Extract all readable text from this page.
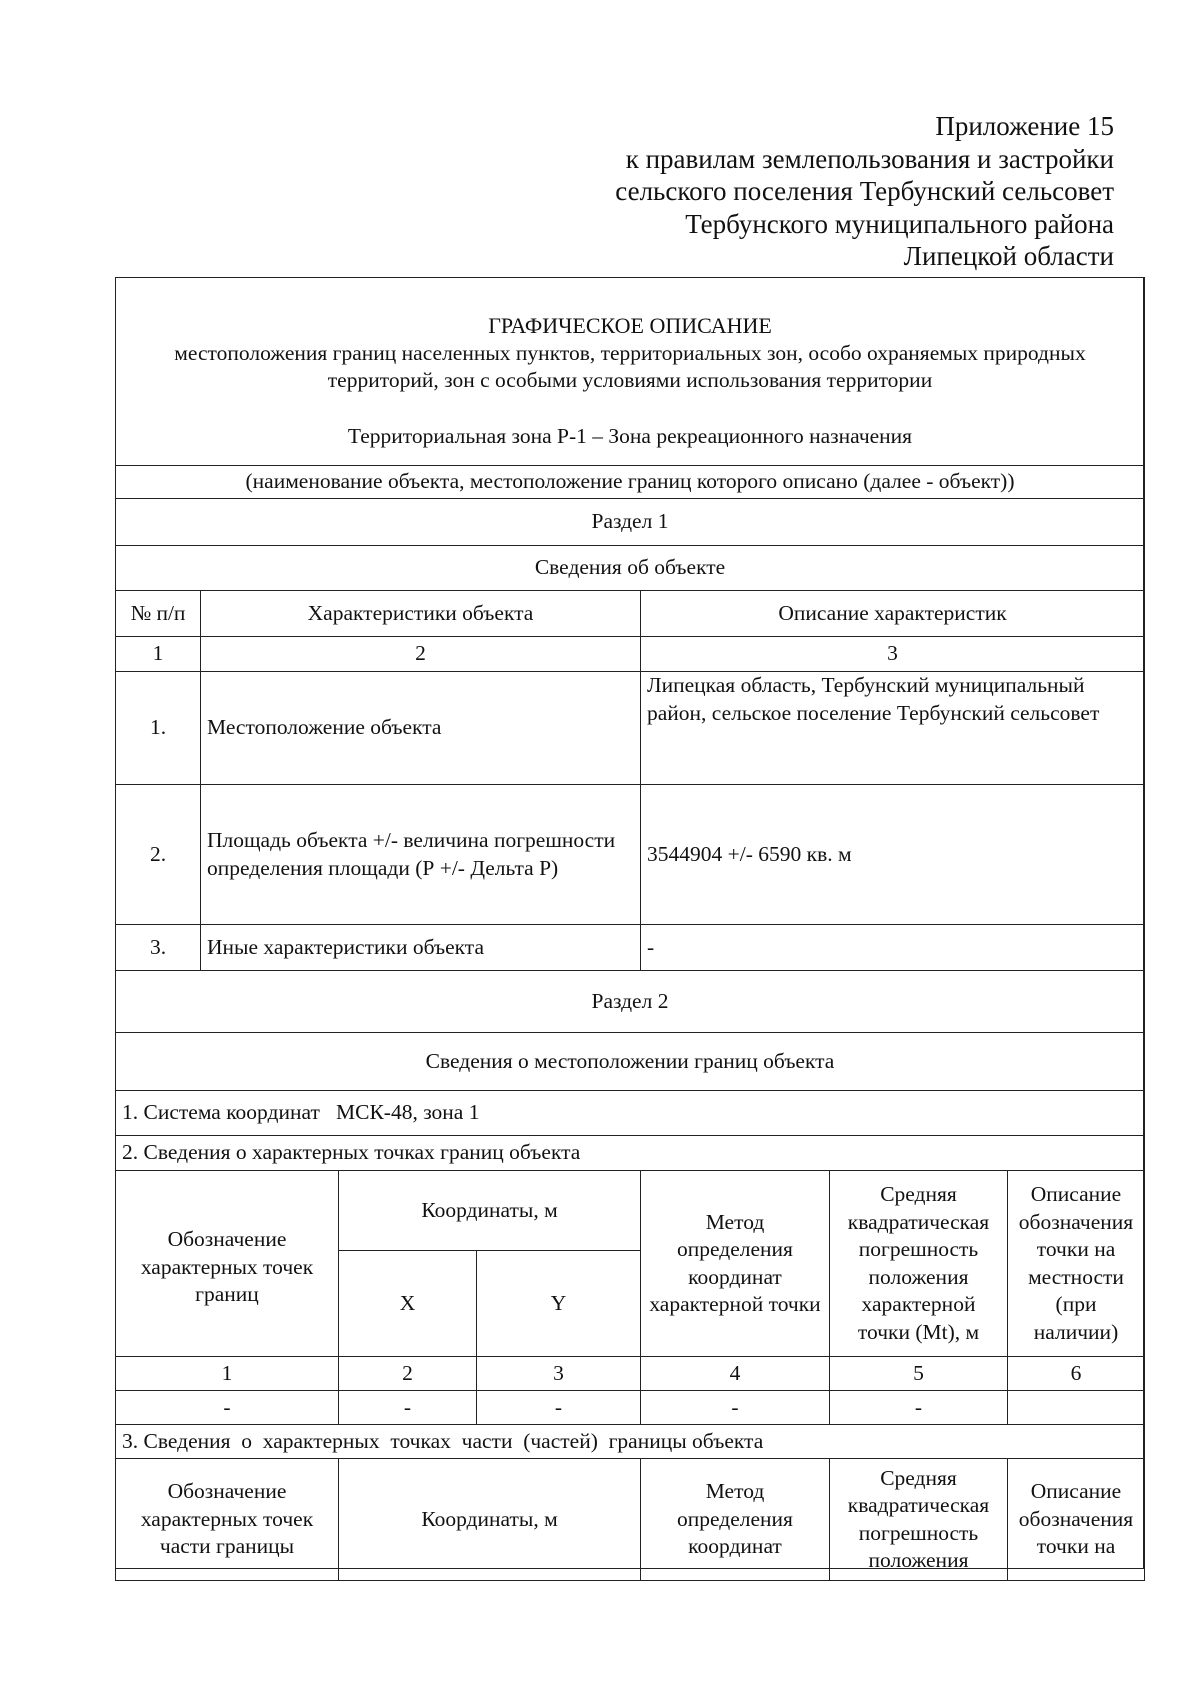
Приложение 15
к правилам землепользования и застройки
сельского поселения Тербунский сельсовет
Тербунского муниципального района
Липецкой области
ГРАФИЧЕСКОЕ ОПИСАНИЕ
местоположения границ населенных пунктов, территориальных зон, особо охраняемых природных территорий, зон с особыми условиями использования территории
Территориальная зона Р-1 – Зона рекреационного назначения						

(наименование объекта, местоположение границ которого описано (далее - объект))						
Раздел 1						
Сведения об объекте						
№ п/п	Характеристики объекта			Описание характеристик		
1	2			3		
1.	Местоположение объекта			Липецкая область, Тербунский муниципальный район, сельское поселение Тербунский сельсовет		
2.	Площадь объекта +/- величина погрешности определения площади (Р +/- Дельта Р)			3544904 +/- 6590 кв. м		
3.	Иные характеристики объекта			-		
Раздел 2						
Сведения о местоположении границ объекта						
1. Система координат   МСК-48, зона 1						
2. Сведения о характерных точках границ объекта						
Обозначение характерных точек границ		Координаты, м		Метод определения координат характерной точки	Средняя квадратическая погрешность положения характерной точки (Mt), м	Описание обозначения точки на местности (при наличии)
		X	Y			
1		2	3	4	5	6
-		-	-	-	-	
3. Сведения  о  характерных  точках  части  (частей)  границы объекта						
Обозначение характерных точек части границы		Координаты, м		Метод определения координат	Средняя квадратическая погрешность положения	Описание обозначения точки на
